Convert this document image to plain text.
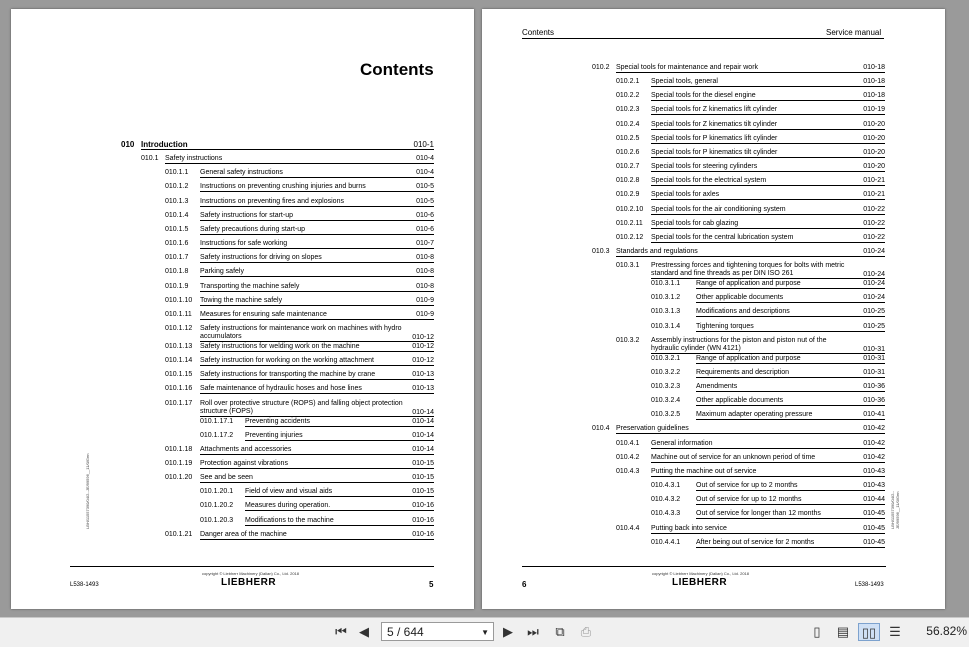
Contents
010 Introduction	010-1
010.1 Safety instructions	010-4
010.1.1 General safety instructions	010-4
010.1.2 Instructions on preventing crushing injuries and burns	010-5
010.1.3 Instructions on preventing fires and explosions	010-5
010.1.4 Safety instructions for start-up	010-6
010.1.5 Safety precautions during start-up	010-6
010.1.6 Instructions for safe working	010-7
010.1.7 Safety instructions for driving on slopes	010-8
010.1.8 Parking safely	010-8
010.1.9 Transporting the machine safely	010-8
010.1.10 Towing the machine safely	010-9
010.1.11 Measures for ensuring safe maintenance	010-9
010.1.12 Safety instructions for maintenance work on machines with hydro accumulators	010-12
010.1.13 Safety instructions for welding work on the machine	010-12
010.1.14 Safety instruction for working on the working attachment	010-12
010.1.15 Safety instructions for transporting the machine by crane	010-13
010.1.16 Safe maintenance of hydraulic hoses and hose lines	010-13
010.1.17 Roll over protective structure (ROPS) and falling object protection structure (FOPS)	010-14
010.1.17.1 Preventing accidents	010-14
010.1.17.2 Preventing injuries	010-14
010.1.18 Attachments and accessories	010-14
010.1.19 Protection against vibrations	010-15
010.1.20 See and be seen	010-15
010.1.20.1 Field of view and visual aids	010-15
010.1.20.2 Measures during operation.	010-16
010.1.20.3 Modifications to the machine	010-16
010.1.21 Danger area of the machine	010-16
LBH/11557390/04/2--JE/99596__11/0/Gen
copyright © Liebherr Machinery (Dalian) Co., Ltd. 2018
LIEBHERR
L538-1493	5
Contents	Service manual
010.2 Special tools for maintenance and repair work	010-18
010.2.1 Special tools, general	010-18
010.2.2 Special tools for the diesel engine	010-18
010.2.3 Special tools for Z kinematics lift cylinder	010-19
010.2.4 Special tools for Z kinematics tilt cylinder	010-20
010.2.5 Special tools for P kinematics lift cylinder	010-20
010.2.6 Special tools for P kinematics tilt cylinder	010-20
010.2.7 Special tools for steering cylinders	010-20
010.2.8 Special tools for the electrical system	010-21
010.2.9 Special tools for axles	010-21
010.2.10 Special tools for the air conditioning system	010-22
010.2.11 Special tools for cab glazing	010-22
010.2.12 Special tools for the central lubrication system	010-22
010.3 Standards and regulations	010-24
010.3.1 Prestressing forces and tightening torques for bolts with metric standard and fine threads as per DIN ISO 261	010-24
010.3.1.1 Range of application and purpose	010-24
010.3.1.2 Other applicable documents	010-24
010.3.1.3 Modifications and descriptions	010-25
010.3.1.4 Tightening torques	010-25
010.3.2 Assembly instructions for the piston and piston nut of the hydraulic cylinder (WN 4121)	010-31
010.3.2.1 Range of application and purpose	010-31
010.3.2.2 Requirements and description	010-31
010.3.2.3 Amendments	010-36
010.3.2.4 Other applicable documents	010-36
010.3.2.5 Maximum adapter operating pressure	010-41
010.4 Preservation guidelines	010-42
010.4.1 General information	010-42
010.4.2 Machine out of service for an unknown period of time	010-42
010.4.3 Putting the machine out of service	010-43
010.4.3.1 Out of service for up to 2 months	010-43
010.4.3.2 Out of service for up to 12 months	010-44
010.4.3.3 Out of service for longer than 12 months	010-45
010.4.4 Putting back into service	010-45
010.4.4.1 After being out of service for 2 months	010-45
LBH/11557390/04/2--JE/99596__11/0/Gen
copyright © Liebherr Machinery (Dalian) Co., Ltd. 2018
LIEBHERR
6	L538-1493
⏮ ◀	5 / 644	▼ ▶ ⏭	⧉	⎙	▯	▤ ▯▯	☰	56.82%
